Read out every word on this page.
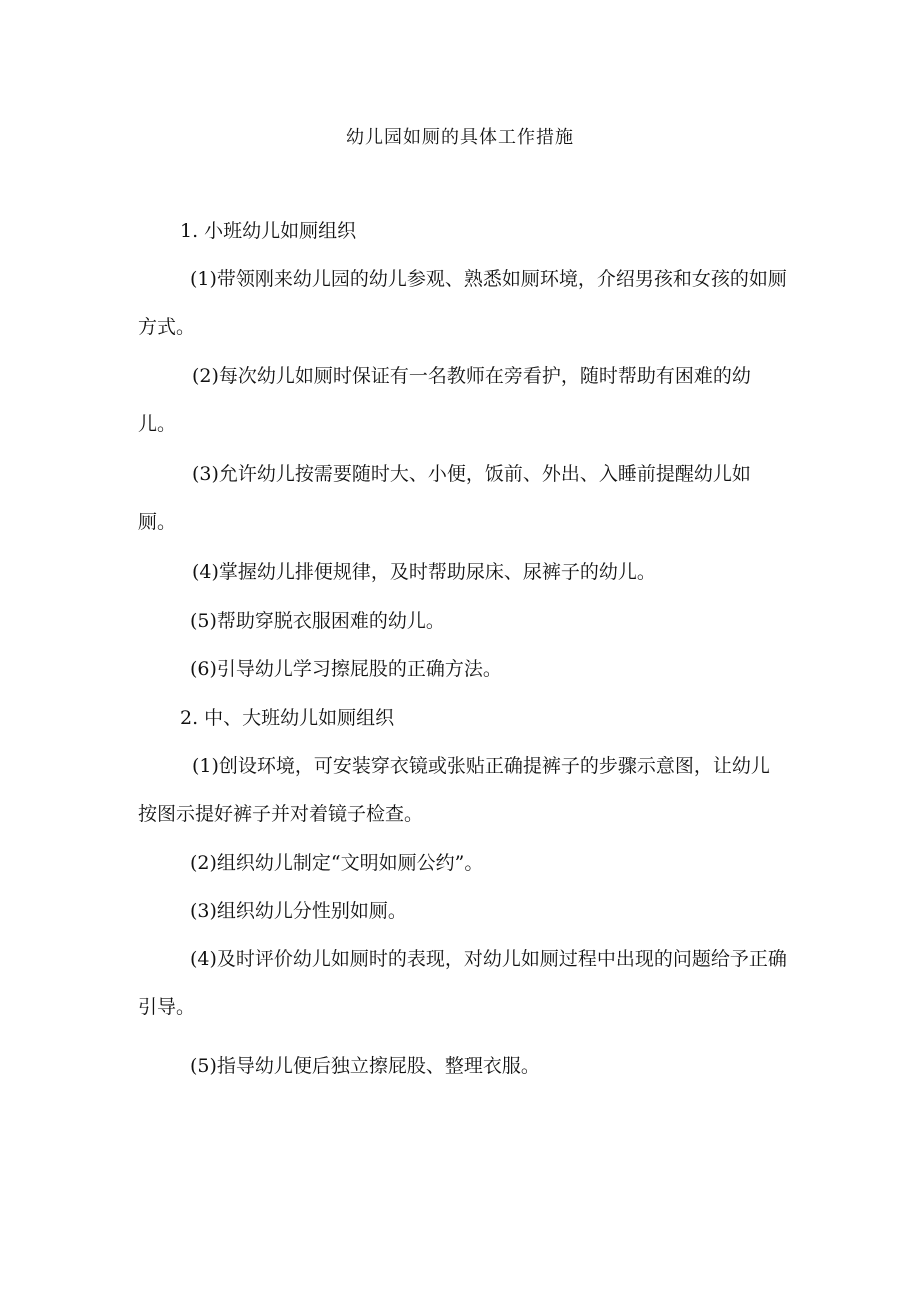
幼儿园如厕的具体工作措施

1. 小班幼儿如厕组织

(1)带领刚来幼儿园的幼儿参观、熟悉如厕环境，介绍男孩和女孩的如厕方式。

(2)每次幼儿如厕时保证有一名教师在旁看护，随时帮助有困难的幼儿。

(3)允许幼儿按需要随时大、小便，饭前、外出、入睡前提醒幼儿如厕。

(4)掌握幼儿排便规律，及时帮助尿床、尿裤子的幼儿。

(5)帮助穿脱衣服困难的幼儿。

(6)引导幼儿学习擦屁股的正确方法。

2. 中、大班幼儿如厕组织

(1)创设环境，可安装穿衣镜或张贴正确提裤子的步骤示意图，让幼儿按图示提好裤子并对着镜子检查。

(2)组织幼儿制定“文明如厕公约”。

(3)组织幼儿分性别如厕。

(4)及时评价幼儿如厕时的表现，对幼儿如厕过程中出现的问题给予正确引导。

(5)指导幼儿便后独立擦屁股、整理衣服。
